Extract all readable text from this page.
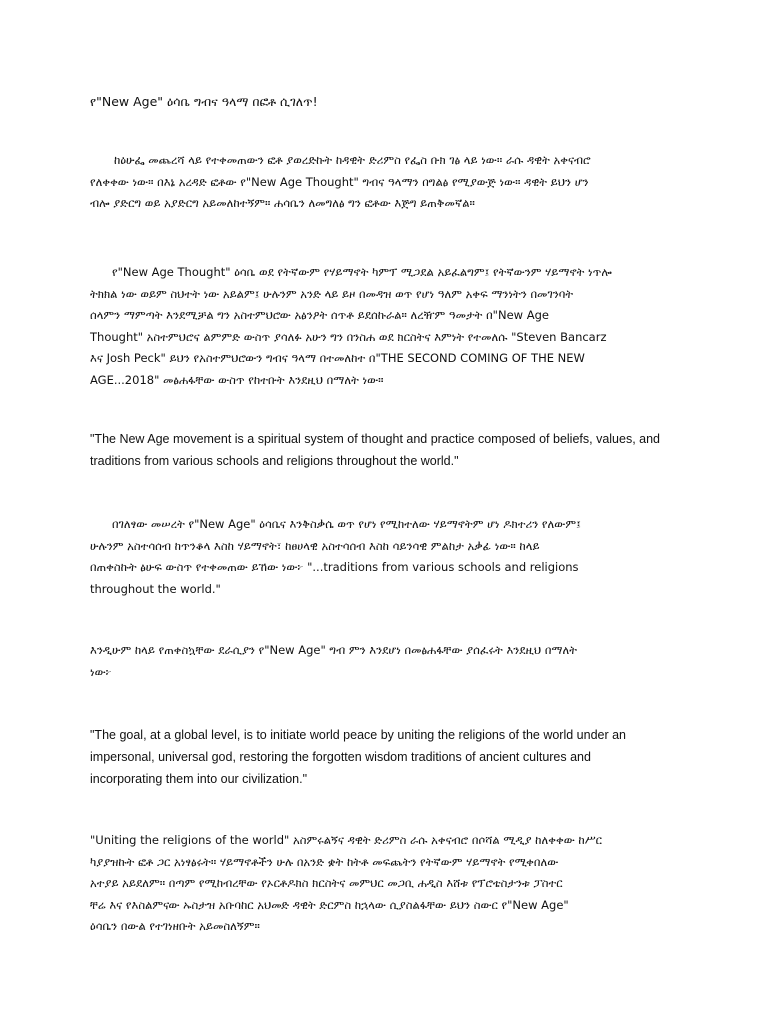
የ"New Age" ዕሳቤ ግብና ዓላማ በፎቶ ሲገለጥ!

ከዕሁፌ መጨረሻ ላይ የተቀመጠውን ፎቶ ያወረድኩት ከዳዊት ድሪምስ የፌስ ቡክ ገፅ ላይ ነው። ራሱ ዳዊት አቀናብሮ
የለቀቀው ነው። በእኔ አረዳድ ፎቶው የ"New Age Thought" ግብና ዓላማን በግልፅ የሚያውጅ ነው። ዳዊት ይህን ሆን
ብሎ ያድርግ ወይ አያድርግ አይመለከተኝም። ሐሳቤን ለመግለፅ ግን ፎቶው እጅግ ይጠቅመኛል።

የ"New Age Thought" ዕሳቤ ወደ የትኛውም የሃይማኖት ካምፕ ሚጋደል አይፈልግም፤ የትኛውንም ሃይማኖት ነጥሎ
ትክክል ነው ወይም ስህተት ነው አይልም፤ ሁሉንም አንድ ላይ ይዞ በመዳዝ ወጥ የሆነ ዓለም አቀፍ ማንነትን በመገንባት
ሰላምን ማምጣት እንደሚቻል ግን አስተምህሮው አፅንዖት ሰጥቶ ይደሰኩራል። ለረዥም ዓመታት በ"New Age
Thought" አስተምህሮና ልምምድ ውስጥ ያሳለፉ አሁን ግን በንስሐ ወደ ክርስትና እምነት የተመለሱ "Steven Bancarz
እና Josh Peck" ይህን የአስተምህሮውን ግብና ዓላማ በተመለከተ በ"THE SECOND COMING OF THE NEW
AGE...2018" መፅሐፋቸው ውስጥ የከተቡት እንደዚህ በማለት ነው።

"The New Age movement is a spiritual system of thought and practice composed of beliefs, values, and
traditions from various schools and religions throughout the world."

በገለፃው መሠረት የ"New Age" ዕሳቤና እንቅስቃሴ ወጥ የሆነ የሚከተለው ሃይማኖትም ሆነ ዶክተሪን የለውም፤
ሁሉንም አስተሳሰብ ከጥንቆላ እስከ ሃይማኖት፣ ከፀሀላዊ አስተሳሰብ እስከ ሳይንሳዊ ምልከታ አቃፊ ነው። ከላይ
በጠቀስኩት ፅሁፍ ውስጥ የተቀመጠው ይኸው ነው፦ "...traditions from various schools and religions
throughout the world."

እንዲሁም ከላይ የጠቀስኳቸው ደራሲያን የ"New Age" ግብ ምን እንደሆነ በመፅሐፋቸው ያሰፈሩት እንደዚህ በማለት
ነው፦

"The goal, at a global level, is to initiate world peace by uniting the religions of the world under an
impersonal, universal god, restoring the forgotten wisdom traditions of ancient cultures and
incorporating them into our civilization."

"Uniting the religions of the world" አስምሩልኝና ዳዊት ድሪምስ ራሱ አቀናብሮ በሶሻል ሚዲያ ከለቀቀው ከሥር
ካያያዝኩት ፎቶ ጋር አነፃፅሩት። ሃይማኖቶችን ሁሉ በአንድ ቋት ከትቶ መፍጨትን የትኛውም ሃይማኖት የሚቀበለው
አተያይ አይደለም። በጣም የሚከብረቸው የኦርቶዶክስ ክርስትና መምህር መጋቢ ሐዲስ እሸቱ የፕሮቴስታንቱ ፓስተር
ቸሬ እና የእስልምናው ኡስታዝ አቡባከር አህመድ ዳዊት ድርምስ ከኋላው ሲያስልፋቸው ይህን ስውር የ"New Age"
ዕሳቤን በውል የተገነዘቡት አይመስለኝም።
